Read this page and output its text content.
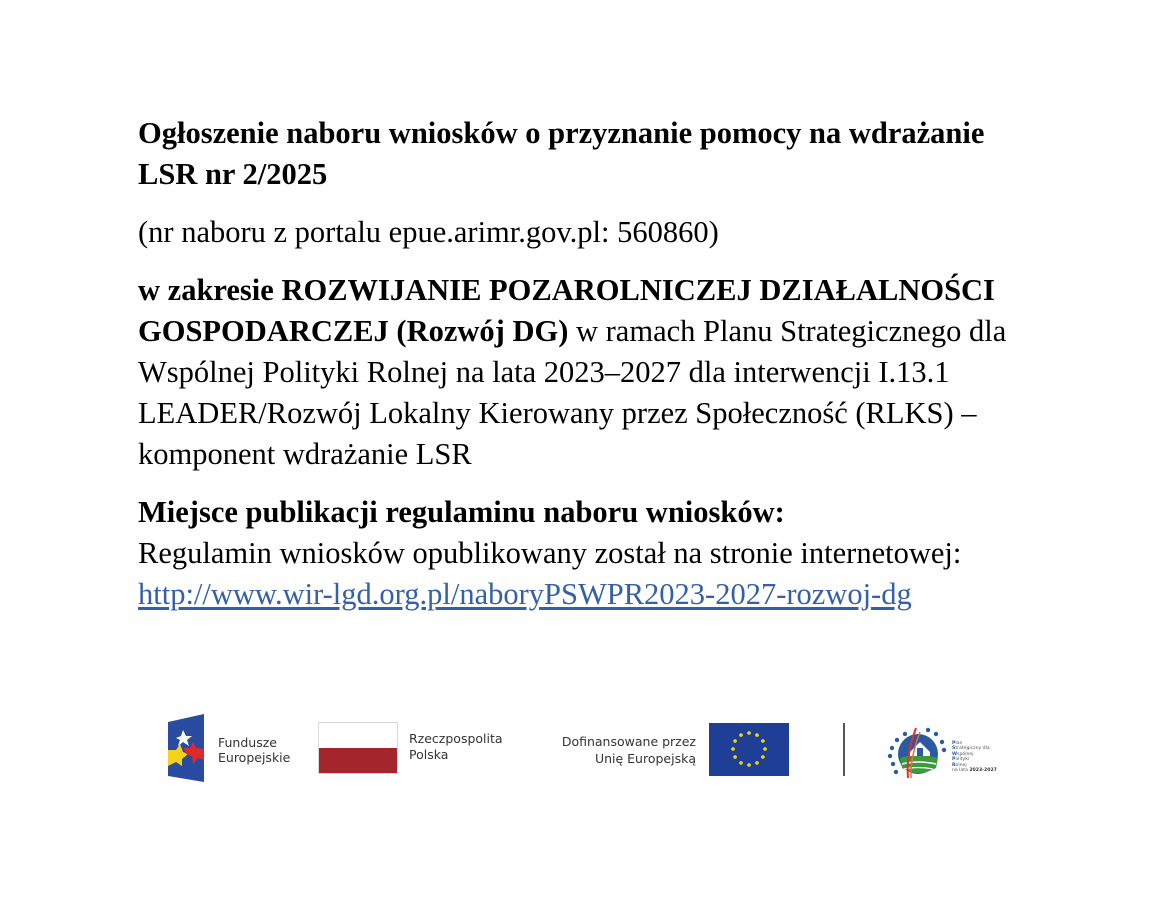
Ogłoszenie naboru wniosków o przyznanie pomocy na wdrażanie LSR nr 2/2025

(nr naboru z portalu epue.arimr.gov.pl: 560860)

w zakresie ROZWIJANIE POZAROLNICZEJ DZIAŁALNOŚCI GOSPODARCZEJ (Rozwój DG) w ramach Planu Strategicznego dla Wspólnej Polityki Rolnej na lata 2023–2027 dla interwencji I.13.1 LEADER/Rozwój Lokalny Kierowany przez Społeczność (RLKS) – komponent wdrażanie LSR

Miejsce publikacji regulaminu naboru wniosków:
Regulamin wniosków opublikowany został na stronie internetowej: http://www.wir-lgd.org.pl/naboryPSWPR2023-2027-rozwoj-dg

Fundusze
Europejskie
Rzeczpospolita
Polska
Dofinansowane przez
Unię Europejską
Plan
Strategiczny dla
Wspólnej
Polityki
Rolnej
na lata 2023-2027
